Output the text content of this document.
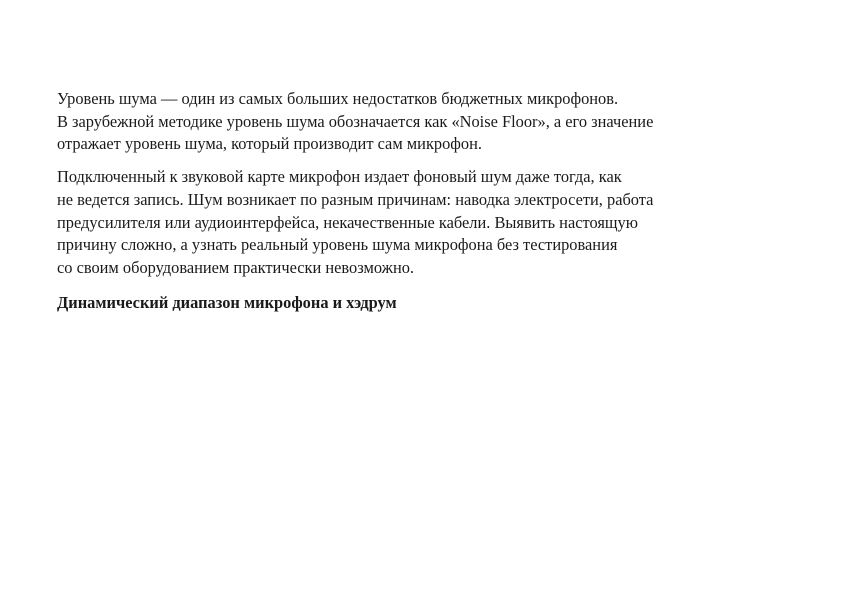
Уровень шума — один из самых больших недостатков бюджетных микрофонов.
В зарубежной методике уровень шума обозначается как «Noise Floor», а его значение
отражает уровень шума, который производит сам микрофон.

Подключенный к звуковой карте микрофон издает фоновый шум даже тогда, как
не ведется запись. Шум возникает по разным причинам: наводка электросети, работа
предусилителя или аудиоинтерфейса, некачественные кабели. Выявить настоящую
причину сложно, а узнать реальный уровень шума микрофона без тестирования
со своим оборудованием практически невозможно.

Динамический диапазон микрофона и хэдрум
